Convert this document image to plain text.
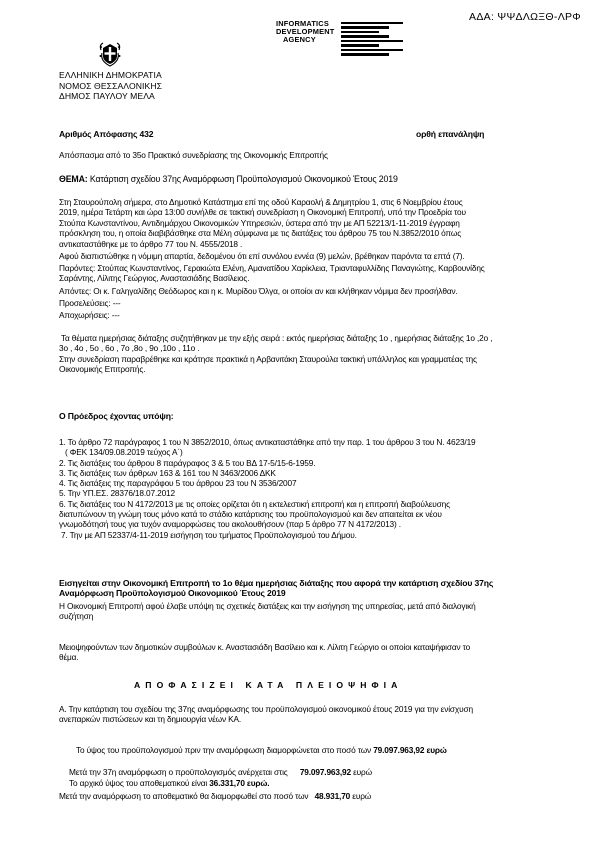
ΑΔΑ: ΨΨΔΛΩΞΘ-ΛΡΦ
INFORMATICS
DEVELOPMENT
AGENCY
ΕΛΛΗΝΙΚΗ ΔΗΜΟΚΡΑΤΙΑ
ΝΟΜΟΣ ΘΕΣΣΑΛΟΝΙΚΗΣ
ΔΗΜΟΣ ΠΑΥΛΟΥ ΜΕΛΑ
Αριθμός Απόφασης 432	ορθή επανάληψη
Απόσπασμα από το 35ο Πρακτικό συνεδρίασης της Οικονομικής Επιτροπής
ΘΕΜΑ: Κατάρτιση σχεδίου 37ης Αναμόρφωση Προϋπολογισμού Οικονομικού Έτους 2019
Στη Σταυρούπολη σήμερα, στο Δημοτικό Κατάστημα επί της οδού Καραολή & Δημητρίου 1, στις 6 Νοεμβρίου έτους
2019, ημέρα Τετάρτη και ώρα 13:00 συνήλθε σε τακτική συνεδρίαση η Οικονομική Επιτροπή, υπό την Προεδρία του
Στούπα Κωνσταντίνου, Αντιδημάρχου Οικονομικών Υπηρεσιών, ύστερα από την με ΑΠ 52213/1-11-2019 έγγραφη
πρόσκληση του, η οποία διαβιβάσθηκε στα Μέλη σύμφωνα με τις διατάξεις του άρθρου 75 του Ν.3852/2010 όπως
αντικαταστάθηκε με το άρθρο 77 του Ν. 4555/2018 .
Αφού διαπιστώθηκε η νόμιμη απαρτία, δεδομένου ότι επί συνόλου εννέα (9) μελών, βρέθηκαν παρόντα τα επτά (7).
Παρόντες: Στούπας Κωνσταντίνος, Γερακιώτα Ελένη, Αμανατίδου Χαρίκλεια, Τριανταφυλλίδης Παναγιώτης, Καρβουνίδης
Σαράντης, Λίλιτης Γεώργιος, Αναστασιάδης Βασίλειος.
Απόντες: Οι κ. Γαληγαλίδης Θεόδωρος και η κ. Μυρίδου Όλγα, οι οποίοι αν και κλήθηκαν νόμιμα δεν προσήλθαν.
Προσελεύσεις: ---
Αποχωρήσεις: ---
Τα θέματα ημερήσιας διάταξης συζητήθηκαν με την εξής σειρά : εκτός ημερήσιας διάταξης 1ο , ημερήσιας διάταξης 1ο ,2ο ,
3ο , 4ο , 5ο , 6ο , 7ο ,8ο , 9ο ,10ο , 11ο .
Στην συνεδρίαση παραβρέθηκε και κράτησε πρακτικά η Αρβανιτάκη Σταυρούλα τακτική υπάλληλος και γραμματέας της
Οικονομικής Επιτροπής.
Ο Πρόεδρος έχοντας υπόψη:
1. Το άρθρο 72 παράγραφος 1 του Ν 3852/2010, όπως αντικαταστάθηκε από την παρ. 1 του άρθρου 3 του Ν. 4623/19
( ΦΕΚ 134/09.08.2019 τεύχος Α΄)
2. Τις διατάξεις του άρθρου 8 παράγραφος 3 & 5 του ΒΔ 17-5/15-6-1959.
3. Τις διατάξεις των άρθρων 163 & 161 του Ν 3463/2006 ΔΚΚ
4. Τις διατάξεις της παραγράφου 5 του άρθρου 23 του Ν 3536/2007
5. Την ΥΠ.ΕΣ. 28376/18.07.2012
6. Τις διατάξεις του Ν 4172/2013 με τις οποίες ορίζεται ότι η εκτελεστική επιτροπή και η επιτροπή διαβούλευσης
διατυπώνουν τη γνώμη τους μόνο κατά το στάδιο κατάρτισης του προϋπολογισμού και δεν απαιτείται εκ νέου
γνωμοδότησή τους για τυχόν αναμορφώσεις του ακολουθήσουν (παρ 5 άρθρο 77 Ν 4172/2013) .
7. Την με ΑΠ 52337/4-11-2019 εισήγηση του τμήματος Προϋπολογισμού του Δήμου.
Εισηγείται στην Οικονομική Επιτροπή το 1ο θέμα ημερήσιας διάταξης που αφορά την κατάρτιση σχεδίου 37ης
Αναμόρφωση Προϋπολογισμού Οικονομικού Έτους 2019
Η Οικονομική Επιτροπή αφού έλαβε υπόψη τις σχετικές διατάξεις και την εισήγηση της υπηρεσίας, μετά από διαλογική
συζήτηση
Μειοψηφούντων των δημοτικών συμβούλων κ. Αναστασιάδη Βασίλειο και κ. Λίλιτη Γεώργιο οι οποίοι καταψήφισαν το
θέμα.
ΑΠΟΦΑΣΙΖΕΙ ΚΑΤΑ ΠΛΕΙΟΨΗΦΙΑ
Α. Την κατάρτιση του σχεδίου της 37ης αναμόρφωσης του προϋπολογισμού οικονομικού έτους 2019 για την ενίσχυση
ανεπαρκών πιστώσεων και τη δημιουργία νέων ΚΑ.
Το ύψος του προϋπολογισμού πριν την αναμόρφωση διαμορφώνεται στο ποσό των 79.097.963,92 ευρώ
Μετά την 37η αναμόρφωση ο προϋπολογισμός ανέρχεται στις 79.097.963,92 ευρώ
Το αρχικό ύψος του αποθεματικού είναι 36.331,70 ευρώ.
Μετά την αναμόρφωση το αποθεματικό θα διαμορφωθεί στο ποσό των 48.931,70 ευρώ
